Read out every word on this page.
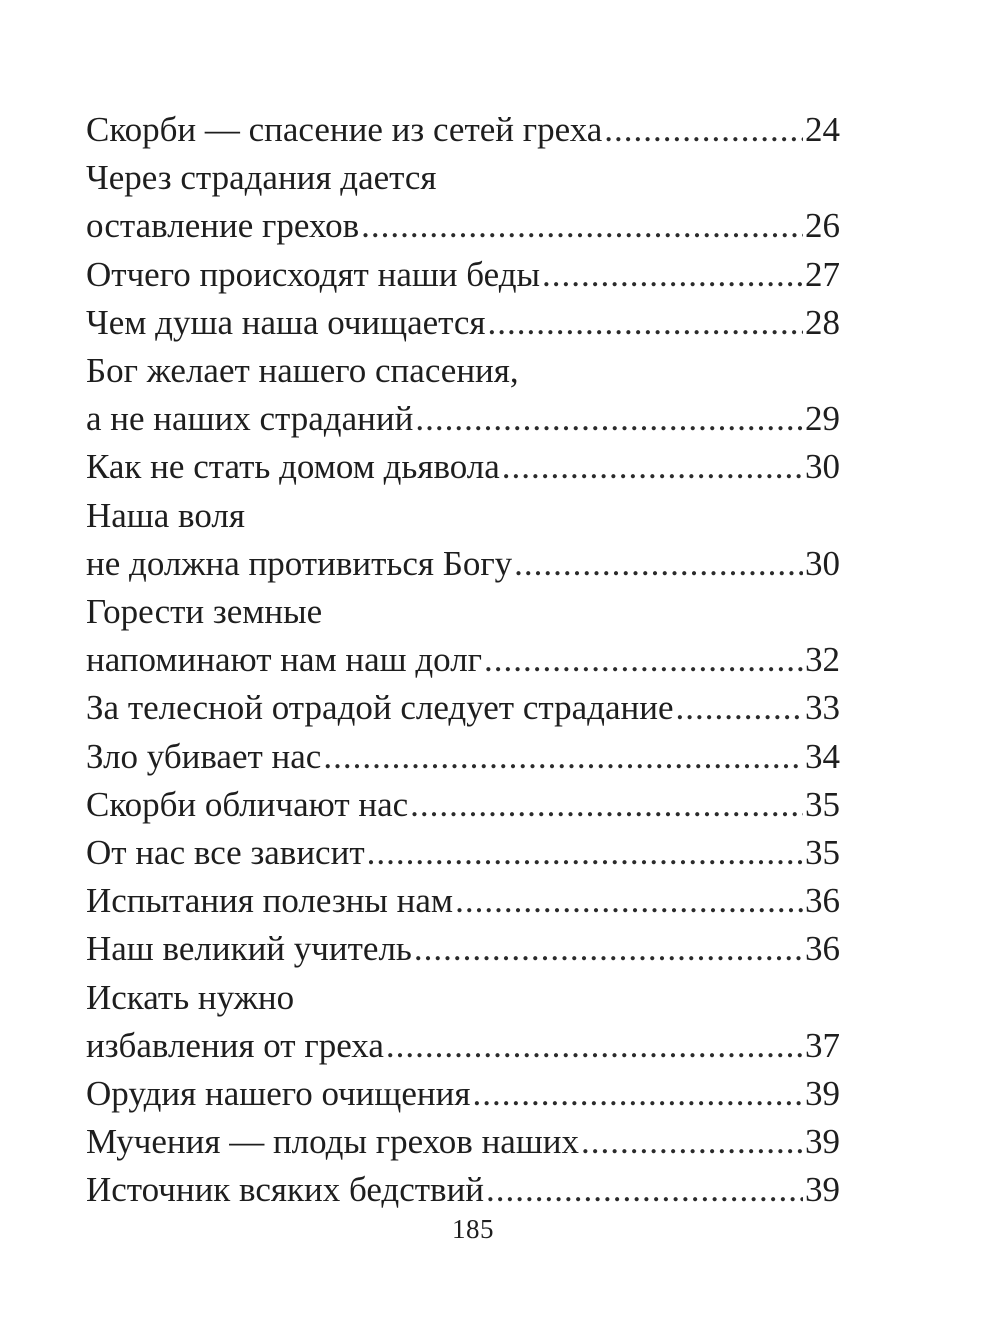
Скорби — спасение из сетей греха .....	24
Через страдания дается
оставление грехов .....	26
Отчего происходят наши беды .....	27
Чем душа наша очищается .....	28
Бог желает нашего спасения,
а не наших страданий .....	29
Как не стать домом дьявола .....	30
Наша воля
не должна противиться Богу .....	30
Горести земные
напоминают нам наш долг .....	32
За телесной отрадой следует страдание .....	33
Зло убивает нас .....	34
Скорби обличают нас .....	35
От нас все зависит .....	35
Испытания полезны нам .....	36
Наш великий учитель .....	36
Искать нужно
избавления от греха .....	37
Орудия нашего очищения .....	39
Мучения — плоды грехов наших .....	39
Источник всяких бедствий .....	39
185
